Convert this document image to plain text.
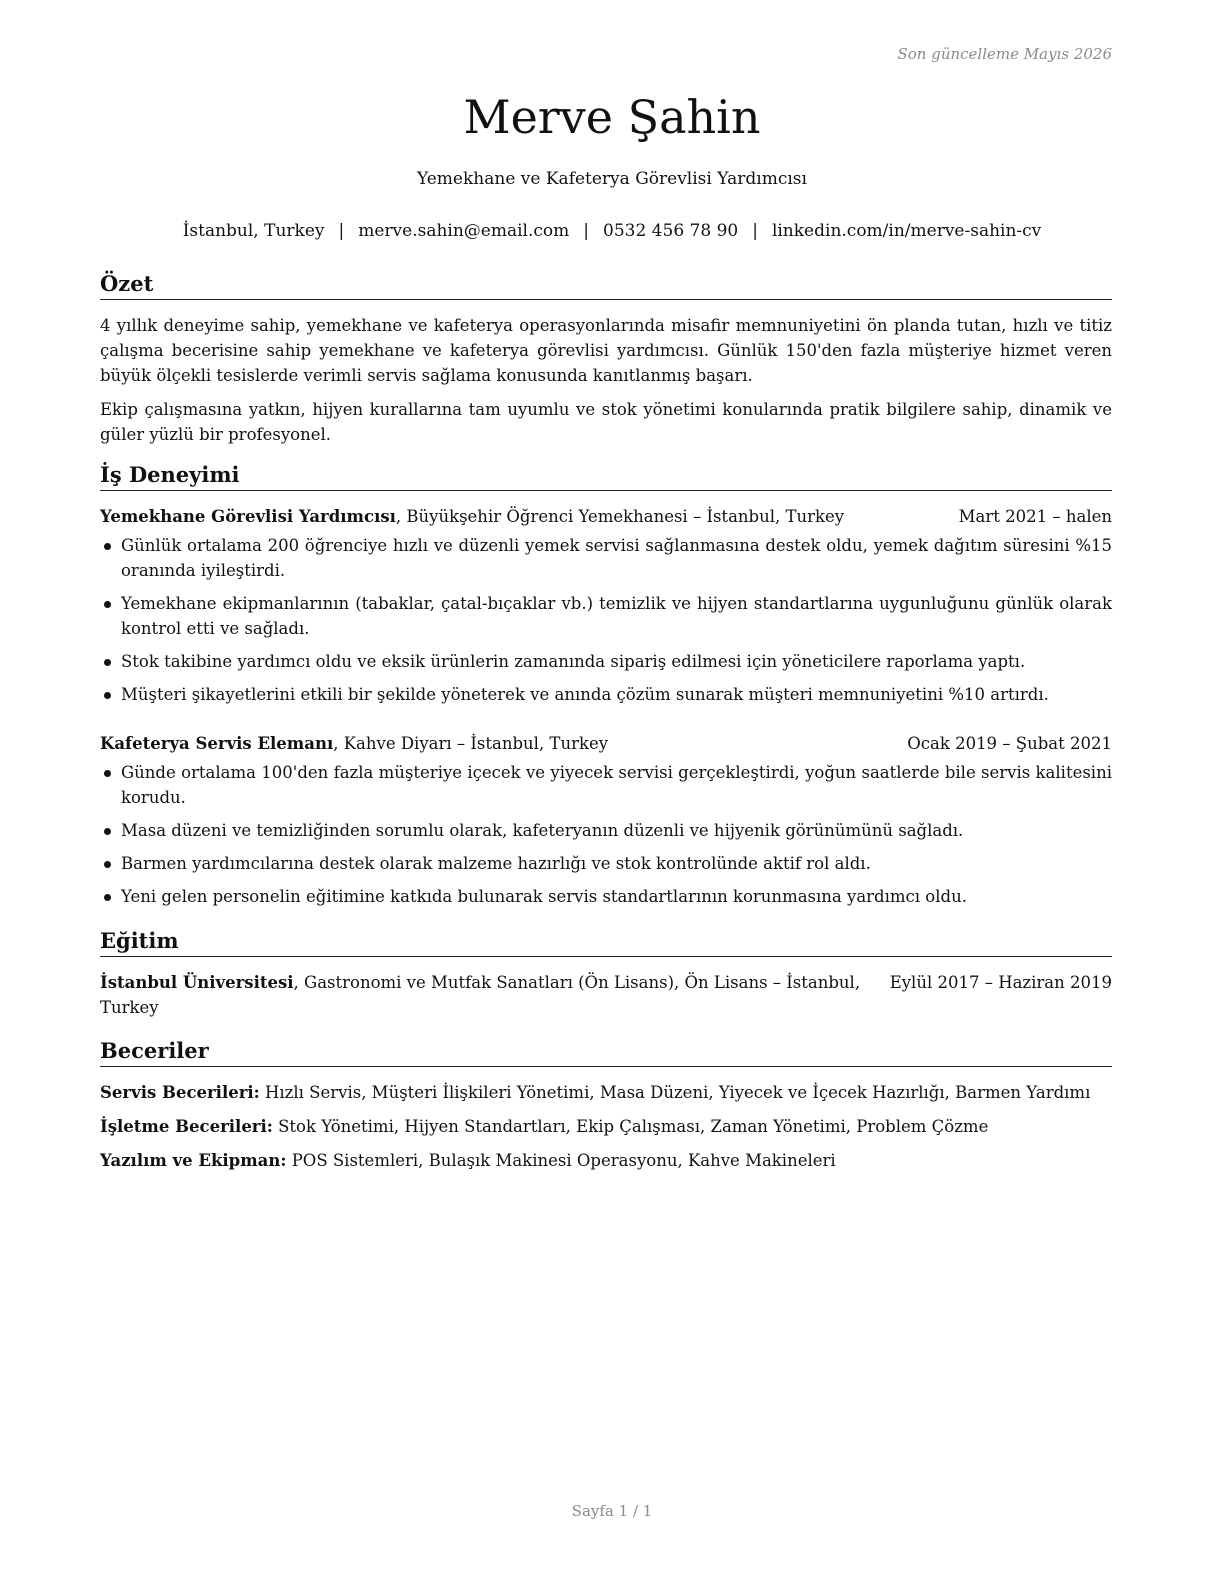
Son güncelleme Mayıs 2026
Merve Şahin
Yemekhane ve Kafeterya Görevlisi Yardımcısı
İstanbul, Turkey | merve.sahin@email.com | 0532 456 78 90 | linkedin.com/in/merve-sahin-cv
Özet

4 yıllık deneyime sahip, yemekhane ve kafeterya operasyonlarında misafir memnuniyetini ön planda tutan, hızlı ve titiz çalışma becerisine sahip yemekhane ve kafeterya görevlisi yardımcısı. Günlük 150'den fazla müşteriye hizmet veren büyük ölçekli tesislerde verimli servis sağlama konusunda kanıtlanmış başarı.

Ekip çalışmasına yatkın, hijyen kurallarına tam uyumlu ve stok yönetimi konularında pratik bilgilere sahip, dinamik ve güler yüzlü bir profesyonel.

İş Deneyimi
Yemekhane Görevlisi Yardımcısı, Büyükşehir Öğrenci Yemekhanesi – İstanbul, Turkey	Mart 2021 – halen
Günlük ortalama 200 öğrenciye hızlı ve düzenli yemek servisi sağlanmasına destek oldu, yemek dağıtım süresini %15 oranında iyileştirdi.
Yemekhane ekipmanlarının (tabaklar, çatal-bıçaklar vb.) temizlik ve hijyen standartlarına uygunluğunu günlük olarak kontrol etti ve sağladı.
Stok takibine yardımcı oldu ve eksik ürünlerin zamanında sipariş edilmesi için yöneticilere raporlama yaptı.
Müşteri şikayetlerini etkili bir şekilde yöneterek ve anında çözüm sunarak müşteri memnuniyetini %10 artırdı.
Kafeterya Servis Elemanı, Kahve Diyarı – İstanbul, Turkey	Ocak 2019 – Şubat 2021
Günde ortalama 100'den fazla müşteriye içecek ve yiyecek servisi gerçekleştirdi, yoğun saatlerde bile servis kalitesini korudu.
Masa düzeni ve temizliğinden sorumlu olarak, kafeteryanın düzenli ve hijyenik görünümünü sağladı.
Barmen yardımcılarına destek olarak malzeme hazırlığı ve stok kontrolünde aktif rol aldı.
Yeni gelen personelin eğitimine katkıda bulunarak servis standartlarının korunmasına yardımcı oldu.
Eğitim
İstanbul Üniversitesi, Gastronomi ve Mutfak Sanatları (Ön Lisans), Ön Lisans – İstanbul, Turkey
Eylül 2017 – Haziran 2019
Beceriler
Servis Becerileri: Hızlı Servis, Müşteri İlişkileri Yönetimi, Masa Düzeni, Yiyecek ve İçecek Hazırlığı, Barmen Yardımı
İşletme Becerileri: Stok Yönetimi, Hijyen Standartları, Ekip Çalışması, Zaman Yönetimi, Problem Çözme
Yazılım ve Ekipman: POS Sistemleri, Bulaşık Makinesi Operasyonu, Kahve Makineleri
Sayfa 1 / 1
